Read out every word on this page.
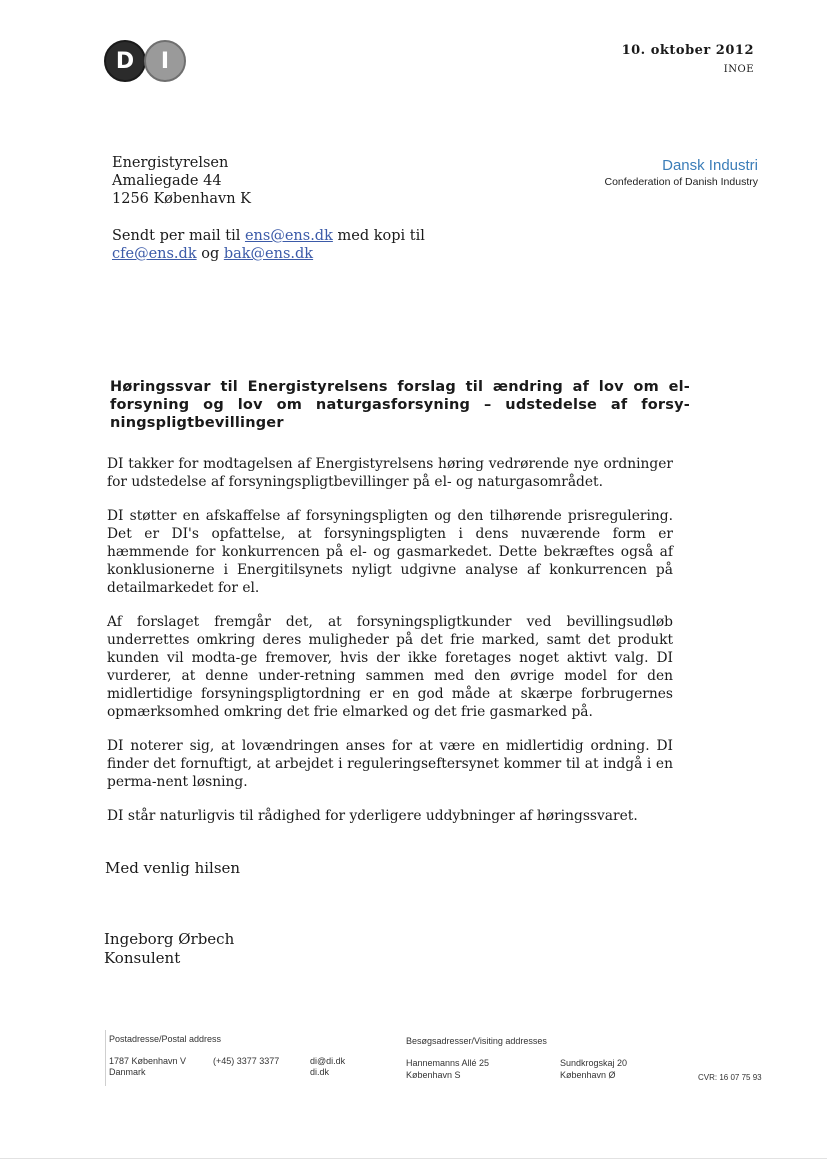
D	I	10. oktober 2012
INOE
Energistyrelsen
Amaliegade 44
1256 København K
Dansk Industri
Confederation of Danish Industry
Sendt per mail til ens@ens.dk med kopi til
cfe@ens.dk og bak@ens.dk
Høringssvar til Energistyrelsens forslag til ændring af lov om el-forsyning og lov om naturgasforsyning – udstedelse af forsy-ningspligtbevillinger

DI takker for modtagelsen af Energistyrelsens høring vedrørende nye ordninger for udstedelse af forsyningspligtbevillinger på el- og naturgasområdet.

DI støtter en afskaffelse af forsyningspligten og den tilhørende prisregulering. Det er DI's opfattelse, at forsyningspligten i dens nuværende form er hæmmende for konkurrencen på el- og gasmarkedet. Dette bekræftes også af konklusionerne i Energitilsynets nyligt udgivne analyse af konkurrencen på detailmarkedet for el.

Af forslaget fremgår det, at forsyningspligtkunder ved bevillingsudløb underrettes omkring deres muligheder på det frie marked, samt det produkt kunden vil modta-ge fremover, hvis der ikke foretages noget aktivt valg. DI vurderer, at denne under-retning sammen med den øvrige model for den midlertidige forsyningspligtordning er en god måde at skærpe forbrugernes opmærksomhed omkring det frie elmarked og det frie gasmarked på.

DI noterer sig, at lovændringen anses for at være en midlertidig ordning. DI finder det fornuftigt, at arbejdet i reguleringseftersynet kommer til at indgå i en perma-nent løsning.

DI står naturligvis til rådighed for yderligere uddybninger af høringssvaret.

Med venlig hilsen
Ingeborg Ørbech
Konsulent
Postadresse/Postal address
1787 København V
Danmark
(+45) 3377 3377	di@di.dk
di.dk
Besøgsadresser/Visiting addresses
Hannemanns Allé 25
København S
Sundkrogskaj 20
København Ø	CVR: 16 07 75 93
